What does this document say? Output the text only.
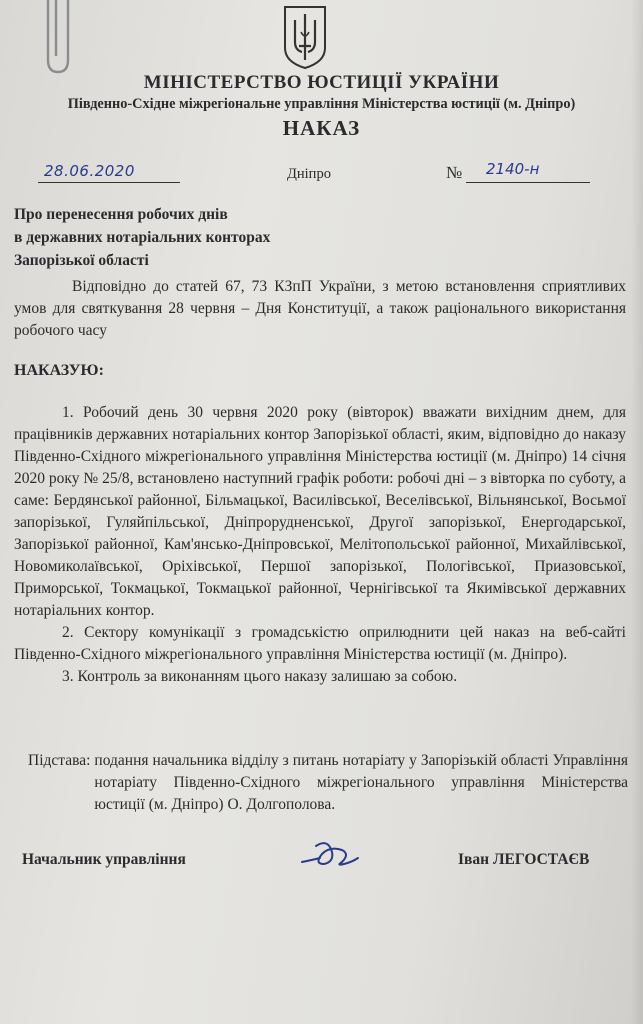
МІНІСТЕРСТВО ЮСТИЦІЇ УКРАЇНИ
Південно-Східне міжрегіональне управління Міністерства юстиції (м. Дніпро)
НАКАЗ
28.06.2020	Дніпро	№ 2140-н
Про перенесення робочих днів
в державних нотаріальних конторах
Запорізької області
Відповідно до статей 67, 73 КЗпП України, з метою встановлення сприятливих умов для святкування 28 червня – Дня Конституції, а також раціонального використання робочого часу
НАКАЗУЮ:

1. Робочий день 30 червня 2020 року (вівторок) вважати вихідним днем, для працівників державних нотаріальних контор Запорізької області, яким, відповідно до наказу Південно-Східного міжрегіонального управління Міністерства юстиції (м. Дніпро) 14 січня 2020 року № 25/8, встановлено наступний графік роботи: робочі дні – з вівторка по суботу, а саме: Бердянської районної, Більмацької, Василівської, Веселівської, Вільнянської, Восьмої запорізької, Гуляйпільської, Дніпрорудненської, Другої запорізької, Енергодарської, Запорізької районної, Кам'янсько-Дніпровської, Мелітопольської районної, Михайлівської, Новомиколаївської, Оріхівської, Першої запорізької, Пологівської, Приазовської, Приморської, Токмацької, Токмацької районної, Чернігівської та Якимівської державних нотаріальних контор.

2. Сектору комунікації з громадськістю оприлюднити цей наказ на веб-сайті Південно-Східного міжрегіонального управління Міністерства юстиції (м. Дніпро).

3. Контроль за виконанням цього наказу залишаю за собою.

Підстава: подання начальника відділу з питань нотаріату у Запорізькій області Управління нотаріату Південно-Східного міжрегіонального управління Міністерства юстиції (м. Дніпро) О. Долгополова.
Начальник управління	Іван ЛЕГОСТАЄВ
